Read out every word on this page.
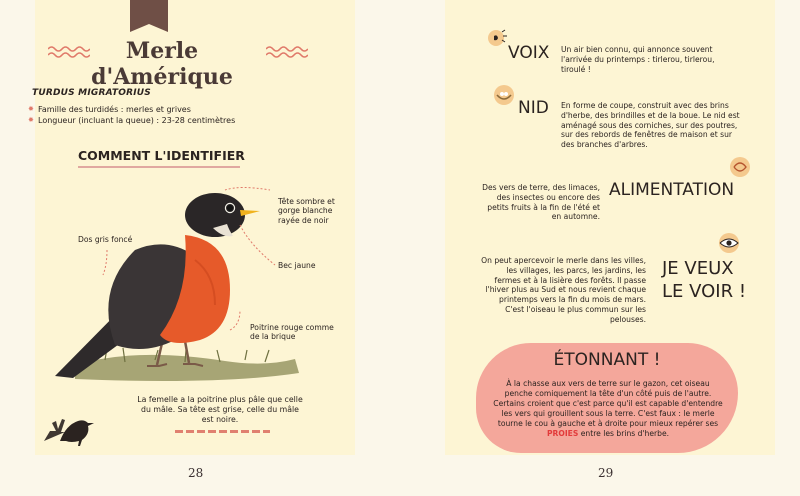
Merle d'Amérique
TURDUS MIGRATORIUS
✸ Famille des turdidés : merles et grives
✸ Longueur (incluant la queue) : 23-28 centimètres
COMMENT L'IDENTIFIER
Tête sombre et gorge blanche rayée de noir
Dos gris foncé
Bec jaune
Poitrine rouge comme de la brique
La femelle a la poitrine plus pâle que celle du mâle. Sa tête est grise, celle du mâle est noire.
28
VOIX Un air bien connu, qui annonce souvent l'arrivée du printemps : tirlerou, tirlerou, tiroulé !
NID En forme de coupe, construit avec des brins d'herbe, des brindilles et de la boue. Le nid est aménagé sous des corniches, sur des poutres, sur des rebords de fenêtres de maison et sur des branches d'arbres.
Des vers de terre, des limaces, des insectes ou encore des petits fruits à la fin de l'été et en automne.
ALIMENTATION
On peut apercevoir le merle dans les villes, les villages, les parcs, les jardins, les fermes et à la lisière des forêts. Il passe l'hiver plus au Sud et nous revient chaque printemps vers la fin du mois de mars. C'est l'oiseau le plus commun sur les pelouses.
JE VEUX
LE VOIR !
ÉTONNANT !
À la chasse aux vers de terre sur le gazon, cet oiseau penche comiquement la tête d'un côté puis de l'autre. Certains croient que c'est parce qu'il est capable d'entendre les vers qui grouillent sous la terre. C'est faux : le merle tourne le cou à gauche et à droite pour mieux repérer ses PROIES entre les brins d'herbe.
29
